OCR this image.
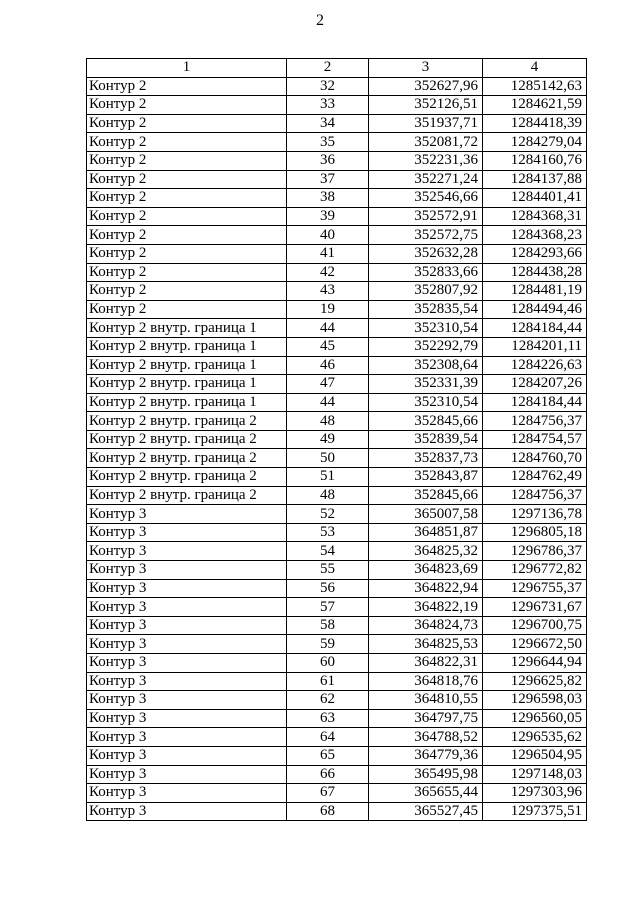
2
1	2	3	4
Контур 2	32	352627,96	1285142,63
Контур 2	33	352126,51	1284621,59
Контур 2	34	351937,71	1284418,39
Контур 2	35	352081,72	1284279,04
Контур 2	36	352231,36	1284160,76
Контур 2	37	352271,24	1284137,88
Контур 2	38	352546,66	1284401,41
Контур 2	39	352572,91	1284368,31
Контур 2	40	352572,75	1284368,23
Контур 2	41	352632,28	1284293,66
Контур 2	42	352833,66	1284438,28
Контур 2	43	352807,92	1284481,19
Контур 2	19	352835,54	1284494,46
Контур 2 внутр. граница 1	44	352310,54	1284184,44
Контур 2 внутр. граница 1	45	352292,79	1284201,11
Контур 2 внутр. граница 1	46	352308,64	1284226,63
Контур 2 внутр. граница 1	47	352331,39	1284207,26
Контур 2 внутр. граница 1	44	352310,54	1284184,44
Контур 2 внутр. граница 2	48	352845,66	1284756,37
Контур 2 внутр. граница 2	49	352839,54	1284754,57
Контур 2 внутр. граница 2	50	352837,73	1284760,70
Контур 2 внутр. граница 2	51	352843,87	1284762,49
Контур 2 внутр. граница 2	48	352845,66	1284756,37
Контур 3	52	365007,58	1297136,78
Контур 3	53	364851,87	1296805,18
Контур 3	54	364825,32	1296786,37
Контур 3	55	364823,69	1296772,82
Контур 3	56	364822,94	1296755,37
Контур 3	57	364822,19	1296731,67
Контур 3	58	364824,73	1296700,75
Контур 3	59	364825,53	1296672,50
Контур 3	60	364822,31	1296644,94
Контур 3	61	364818,76	1296625,82
Контур 3	62	364810,55	1296598,03
Контур 3	63	364797,75	1296560,05
Контур 3	64	364788,52	1296535,62
Контур 3	65	364779,36	1296504,95
Контур 3	66	365495,98	1297148,03
Контур 3	67	365655,44	1297303,96
Контур 3	68	365527,45	1297375,51
